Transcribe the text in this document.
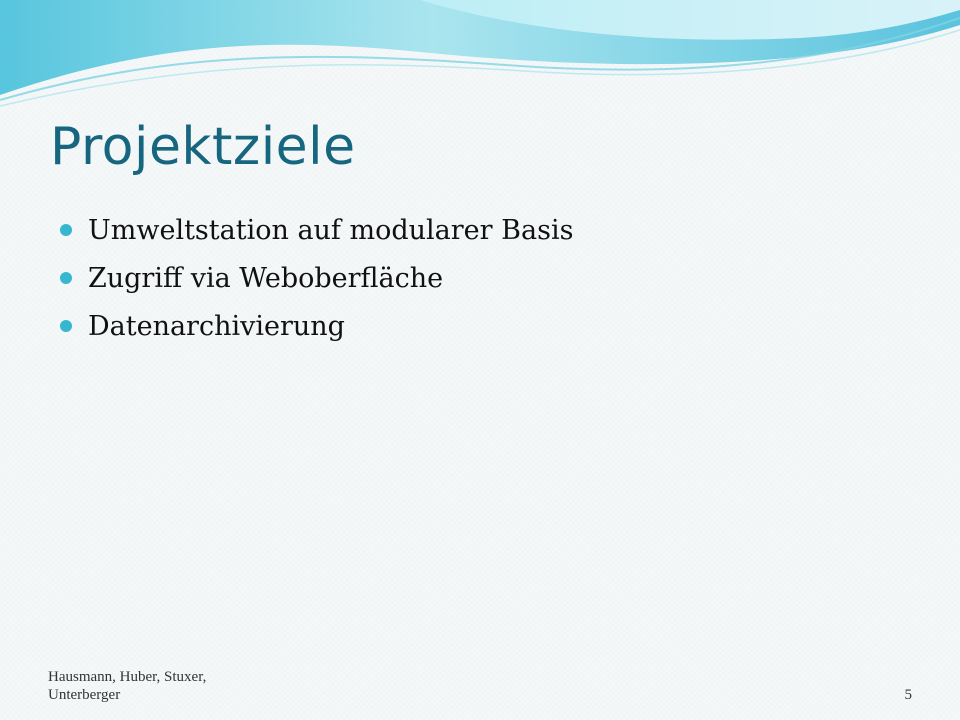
Projektziele
Umweltstation auf modularer Basis
Zugriff via Weboberfläche
Datenarchivierung
Hausmann, Huber, Stuxer, Unterberger	5
